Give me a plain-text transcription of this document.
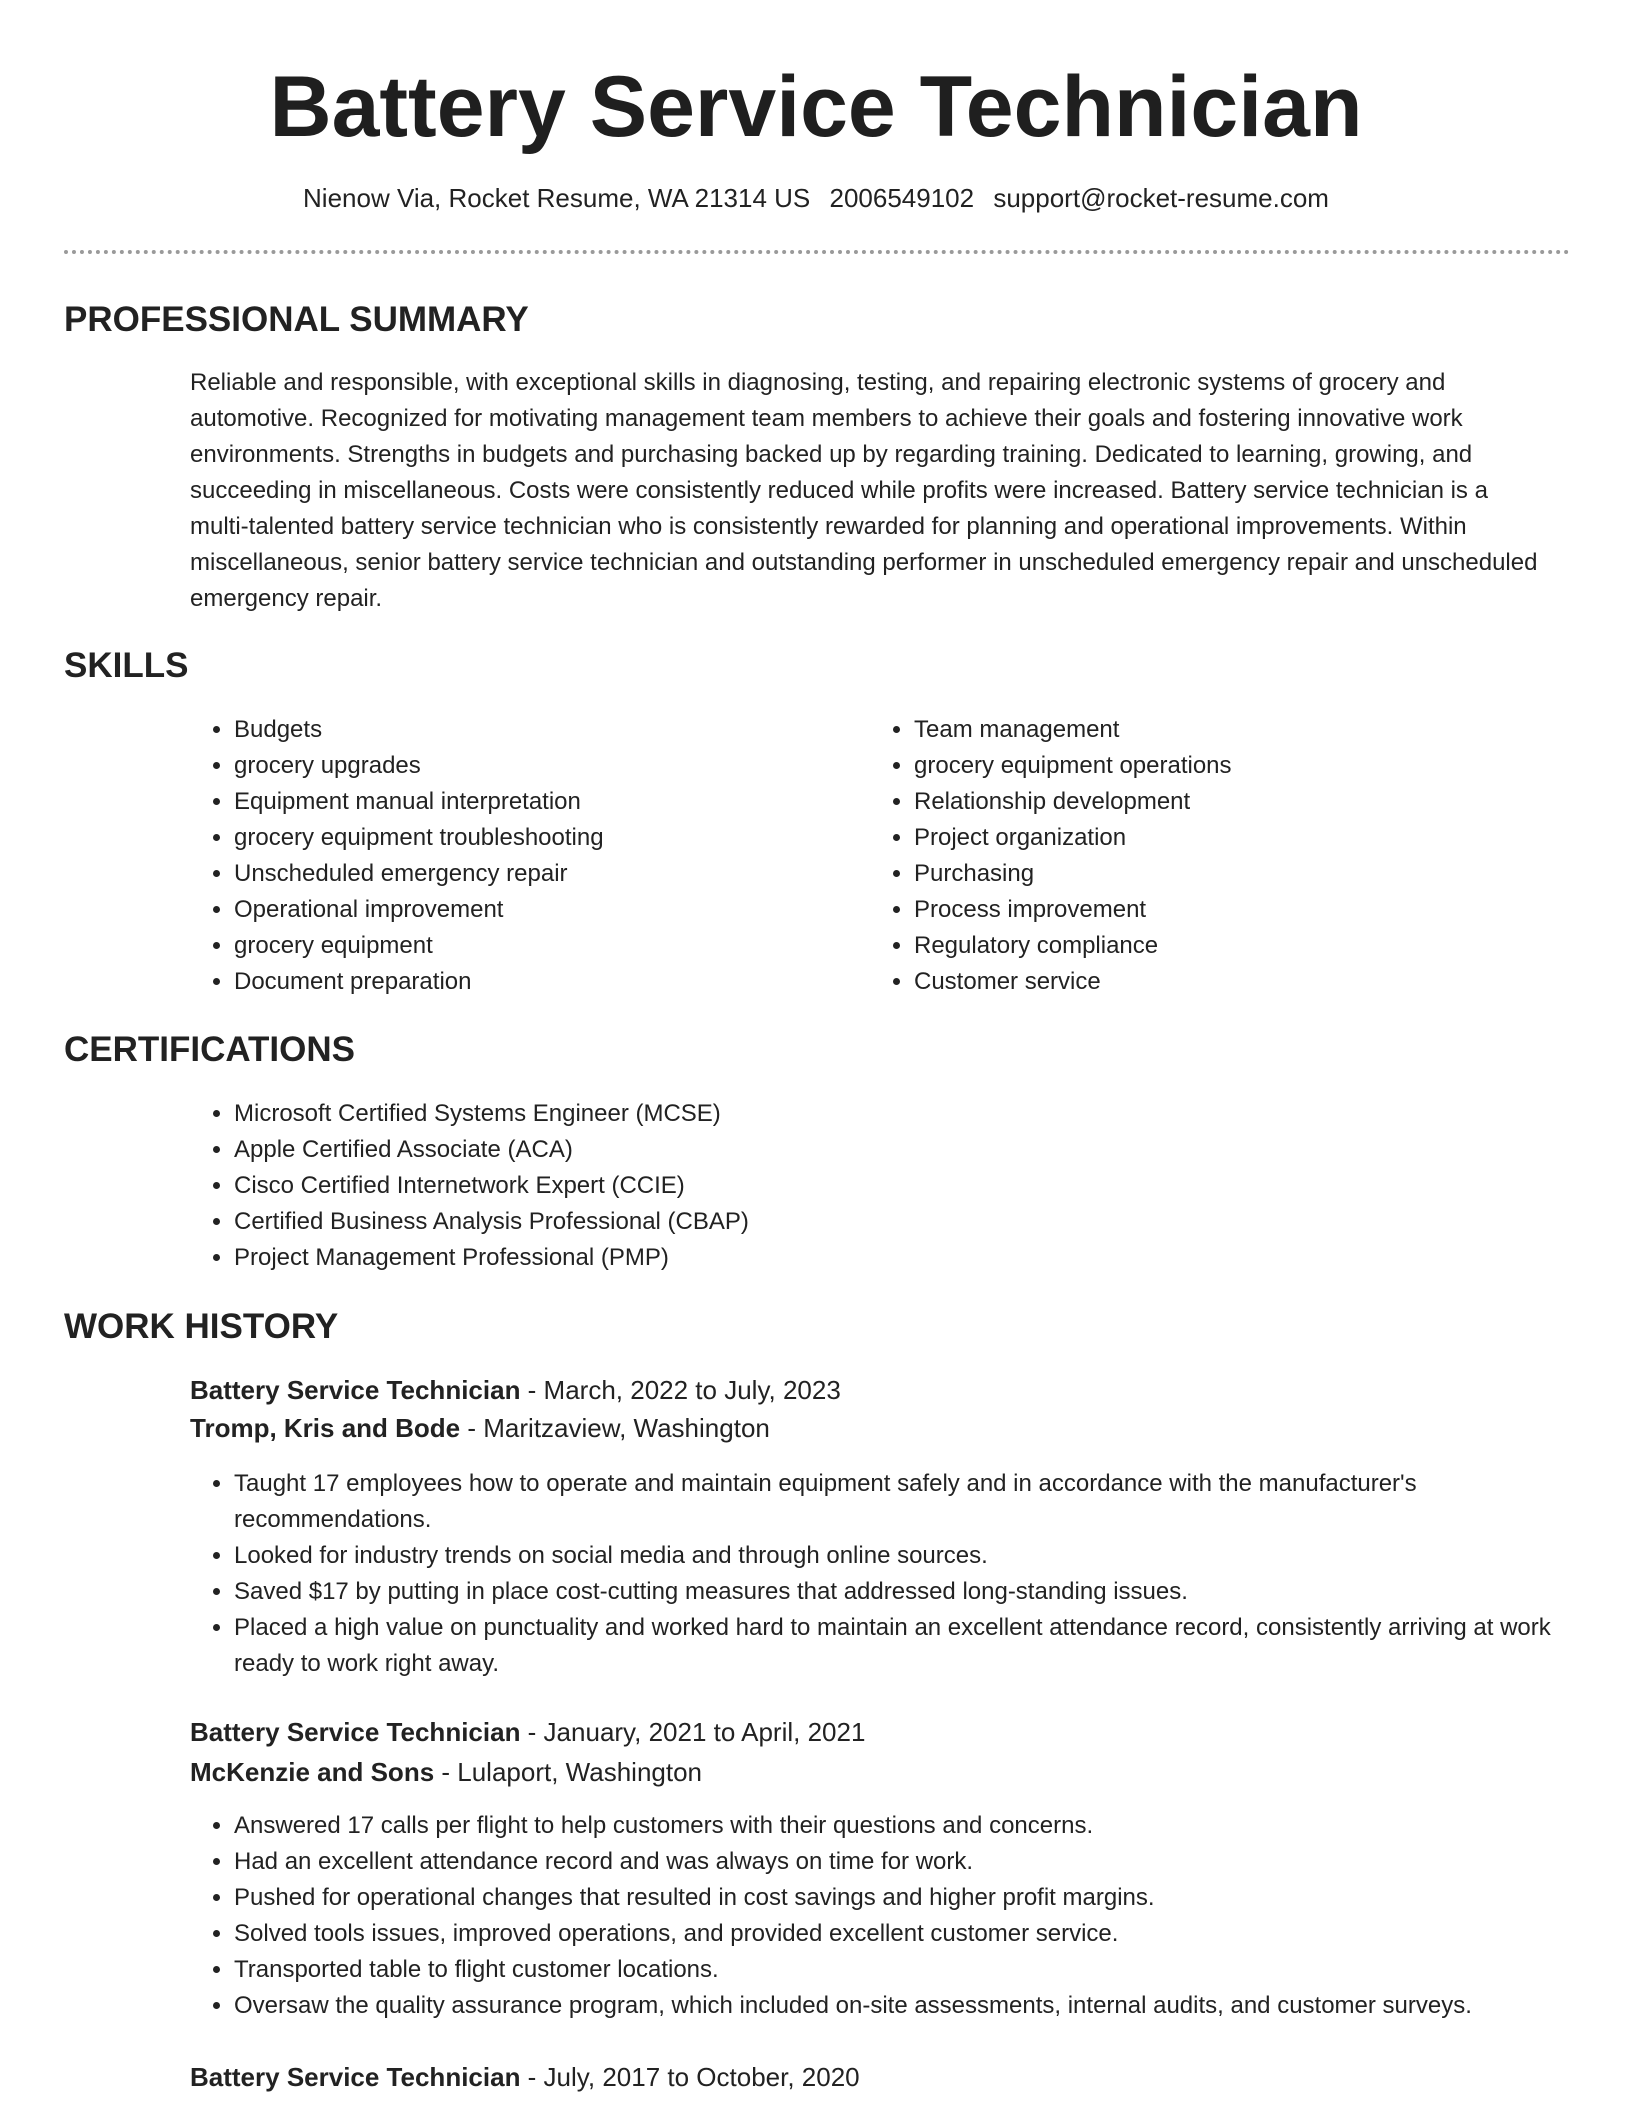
Battery Service Technician
Nienow Via, Rocket Resume, WA 21314 US 2006549102 support@rocket-resume.com
PROFESSIONAL SUMMARY

Reliable and responsible, with exceptional skills in diagnosing, testing, and repairing electronic systems of grocery and automotive. Recognized for motivating management team members to achieve their goals and fostering innovative work environments. Strengths in budgets and purchasing backed up by regarding training. Dedicated to learning, growing, and succeeding in miscellaneous. Costs were consistently reduced while profits were increased. Battery service technician is a multi-talented battery service technician who is consistently rewarded for planning and operational improvements. Within miscellaneous, senior battery service technician and outstanding performer in unscheduled emergency repair and unscheduled emergency repair.

SKILLS
• Budgets
• grocery upgrades
• Equipment manual interpretation
• grocery equipment troubleshooting
• Unscheduled emergency repair
• Operational improvement
• grocery equipment
• Document preparation
• Team management
• grocery equipment operations
• Relationship development
• Project organization
• Purchasing
• Process improvement
• Regulatory compliance
• Customer service
CERTIFICATIONS
• Microsoft Certified Systems Engineer (MCSE)
• Apple Certified Associate (ACA)
• Cisco Certified Internetwork Expert (CCIE)
• Certified Business Analysis Professional (CBAP)
• Project Management Professional (PMP)
WORK HISTORY

Battery Service Technician - March, 2022 to July, 2023

Tromp, Kris and Bode - Maritzaview, Washington

• Taught 17 employees how to operate and maintain equipment safely and in accordance with the manufacturer's recommendations.
• Looked for industry trends on social media and through online sources.
• Saved $17 by putting in place cost-cutting measures that addressed long-standing issues.
• Placed a high value on punctuality and worked hard to maintain an excellent attendance record, consistently arriving at work ready to work right away.

Battery Service Technician - January, 2021 to April, 2021

McKenzie and Sons - Lulaport, Washington

• Answered 17 calls per flight to help customers with their questions and concerns.
• Had an excellent attendance record and was always on time for work.
• Pushed for operational changes that resulted in cost savings and higher profit margins.
• Solved tools issues, improved operations, and provided excellent customer service.
• Transported table to flight customer locations.
• Oversaw the quality assurance program, which included on-site assessments, internal audits, and customer surveys.

Battery Service Technician - July, 2017 to October, 2020
